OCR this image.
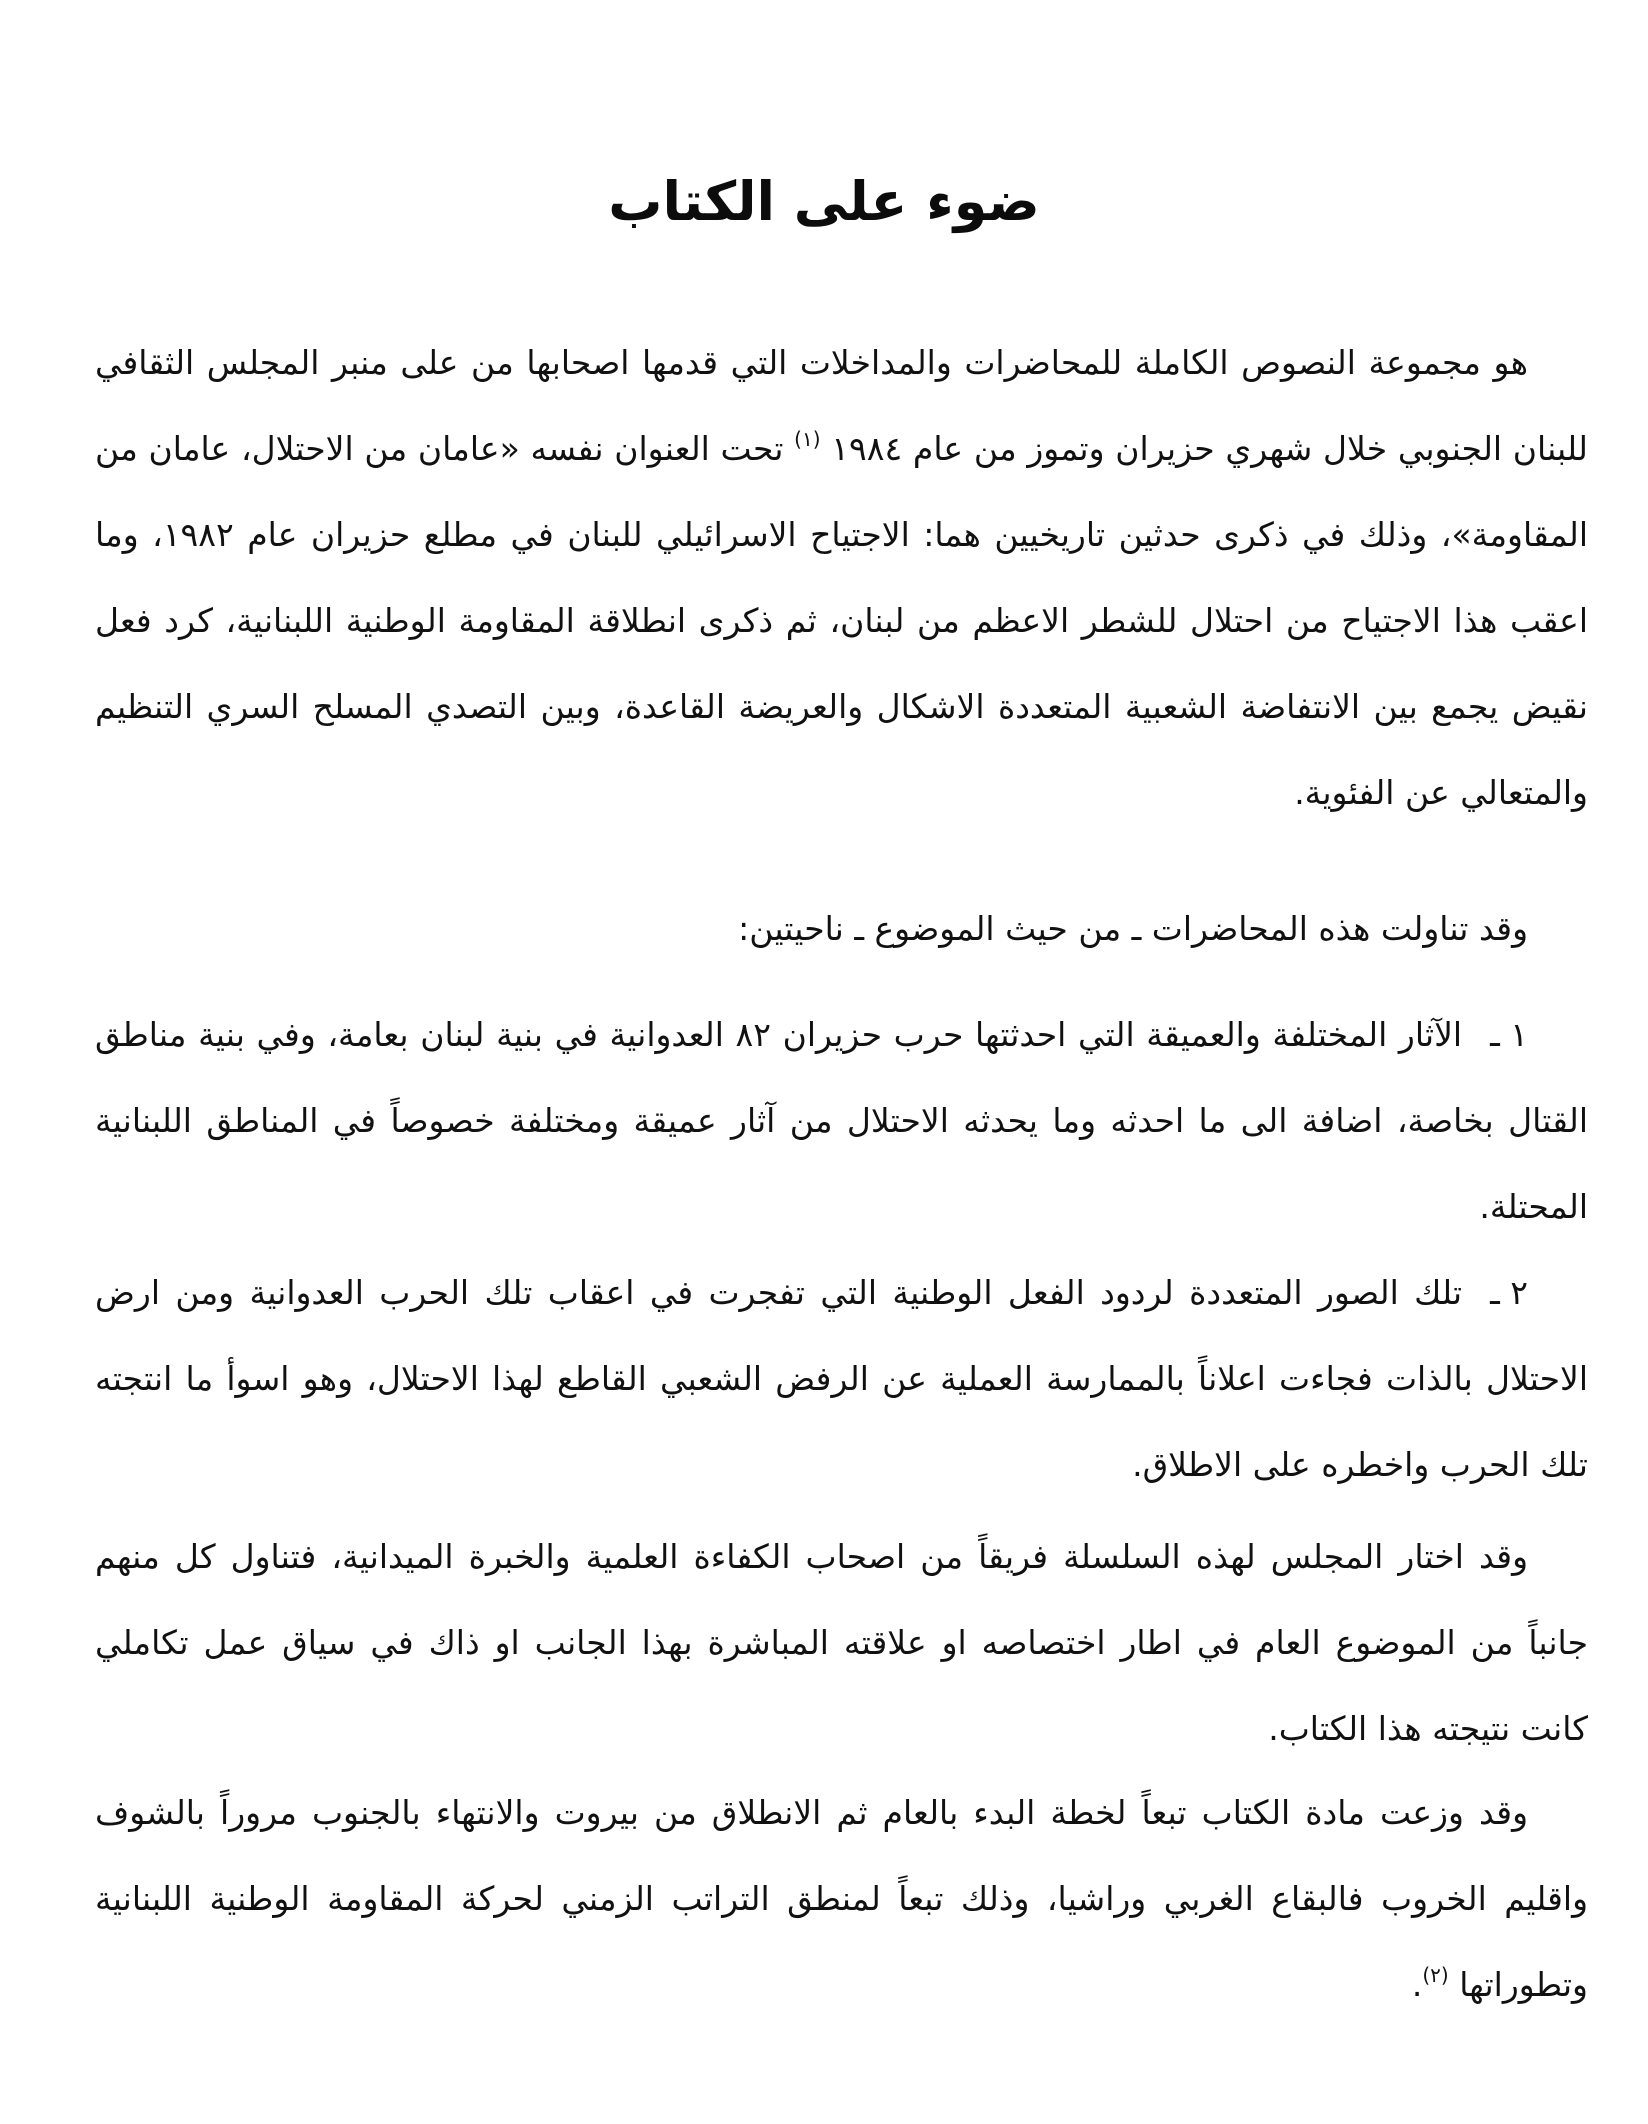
ضوء على الكتاب

هو مجموعة النصوص الكاملة للمحاضرات والمداخلات التي قدمها اصحابها من على منبر المجلس الثقافي للبنان الجنوبي خلال شهري حزيران وتموز من عام ١٩٨٤ $^{(١)}$ تحت العنوان نفسه «عامان من الاحتلال، عامان من المقاومة»، وذلك في ذكرى حدثين تاريخيين هما: الاجتياح الاسرائيلي للبنان في مطلع حزيران عام ١٩٨٢، وما اعقب هذا الاجتياح من احتلال للشطر الاعظم من لبنان، ثم ذكرى انطلاقة المقاومة الوطنية اللبنانية، كرد فعل نقيض يجمع بين الانتفاضة الشعبية المتعددة الاشكال والعريضة القاعدة، وبين التصدي المسلح السري التنظيم والمتعالي عن الفئوية.

وقد تناولت هذه المحاضرات ـ من حيث الموضوع ـ ناحيتين:

١ ـالآثار المختلفة والعميقة التي احدثتها حرب حزيران ٨٢ العدوانية في بنية لبنان بعامة، وفي بنية مناطق القتال بخاصة، اضافة الى ما احدثه وما يحدثه الاحتلال من آثار عميقة ومختلفة خصوصاً في المناطق اللبنانية المحتلة.

٢ ـتلك الصور المتعددة لردود الفعل الوطنية التي تفجرت في اعقاب تلك الحرب العدوانية ومن ارض الاحتلال بالذات فجاءت اعلاناً بالممارسة العملية عن الرفض الشعبي القاطع لهذا الاحتلال، وهو اسوأ ما انتجته تلك الحرب واخطره على الاطلاق.

وقد اختار المجلس لهذه السلسلة فريقاً من اصحاب الكفاءة العلمية والخبرة الميدانية، فتناول كل منهم جانباً من الموضوع العام في اطار اختصاصه او علاقته المباشرة بهذا الجانب او ذاك في سياق عمل تكاملي كانت نتيجته هذا الكتاب.

وقد وزعت مادة الكتاب تبعاً لخطة البدء بالعام ثم الانطلاق من بيروت والانتهاء بالجنوب مروراً بالشوف واقليم الخروب فالبقاع الغربي وراشيا، وذلك تبعاً لمنطق التراتب الزمني لحركة المقاومة الوطنية اللبنانية وتطوراتها $^{(٢)}$.
